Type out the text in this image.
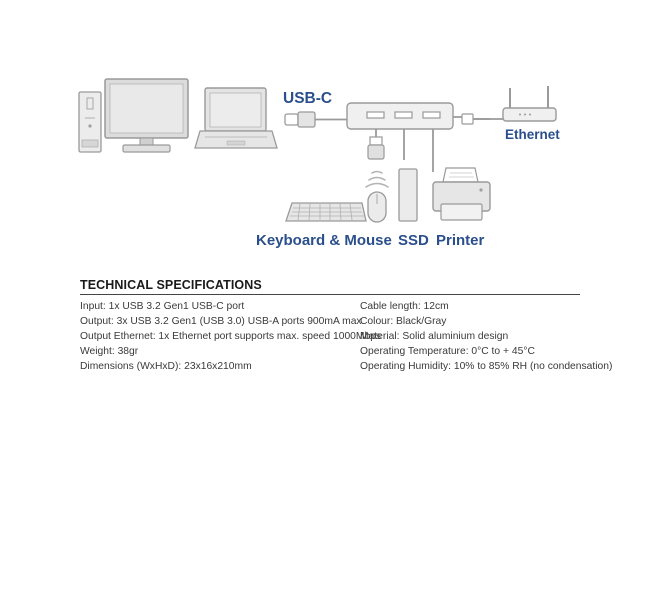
USB-C
Ethernet
Keyboard & Mouse SSD Printer
TECHNICAL SPECIFICATIONS
Input: 1x USB 3.2 Gen1 USB-C port
Output: 3x USB 3.2 Gen1 (USB 3.0) USB-A ports 900mA max
Output Ethernet: 1x Ethernet port supports max. speed 1000Mbps
Weight: 38gr
Dimensions (WxHxD): 23x16x210mm
Cable length: 12cm
Colour: Black/Gray
Material: Solid aluminium design
Operating Temperature: 0°C to + 45°C
Operating Humidity: 10% to 85% RH (no condensation)
